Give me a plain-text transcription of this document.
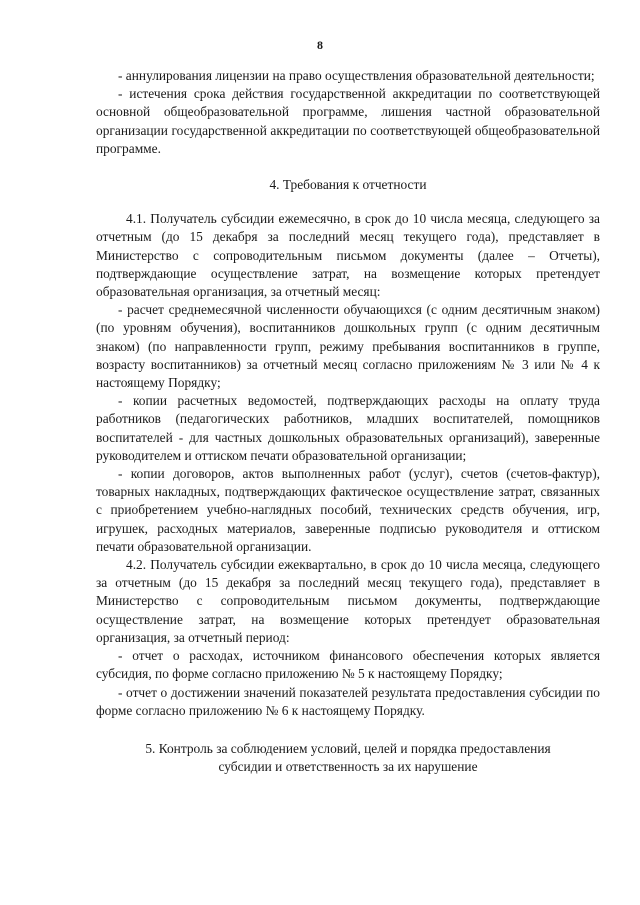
8

- аннулирования лицензии на право осуществления образовательной деятельности;

- истечения срока действия государственной аккредитации по соответствующей основной общеобразовательной программе, лишения частной образовательной организации государственной аккредитации по соответствующей общеобразовательной программе.

4. Требования к отчетности

4.1. Получатель субсидии ежемесячно, в срок до 10 числа месяца, следующего за отчетным (до 15 декабря за последний месяц текущего года), представляет в Министерство с сопроводительным письмом документы (далее – Отчеты), подтверждающие осуществление затрат, на возмещение которых претендует образовательная организация, за отчетный месяц:

- расчет среднемесячной численности обучающихся (с одним десятичным знаком) (по уровням обучения), воспитанников дошкольных групп (с одним десятичным знаком) (по направленности групп, режиму пребывания воспитанников в группе, возрасту воспитанников) за отчетный месяц согласно приложениям № 3 или № 4 к настоящему Порядку;

- копии расчетных ведомостей, подтверждающих расходы на оплату труда работников (педагогических работников, младших воспитателей, помощников воспитателей - для частных дошкольных образовательных организаций), заверенные руководителем и оттиском печати образовательной организации;

- копии договоров, актов выполненных работ (услуг), счетов (счетов-фактур), товарных накладных, подтверждающих фактическое осуществление затрат, связанных с приобретением учебно-наглядных пособий, технических средств обучения, игр, игрушек, расходных материалов, заверенные подписью руководителя и оттиском печати образовательной организации.

4.2. Получатель субсидии ежеквартально, в срок до 10 числа месяца, следующего за отчетным (до 15 декабря за последний месяц текущего года), представляет в Министерство с сопроводительным письмом документы, подтверждающие осуществление затрат, на возмещение которых претендует образовательная организация, за отчетный период:

- отчет о расходах, источником финансового обеспечения которых является субсидия, по форме согласно приложению № 5 к настоящему Порядку;

- отчет о достижении значений показателей результата предоставления субсидии по форме согласно приложению № 6 к настоящему Порядку.

5. Контроль за соблюдением условий, целей и порядка предоставления

субсидии и ответственность за их нарушение
